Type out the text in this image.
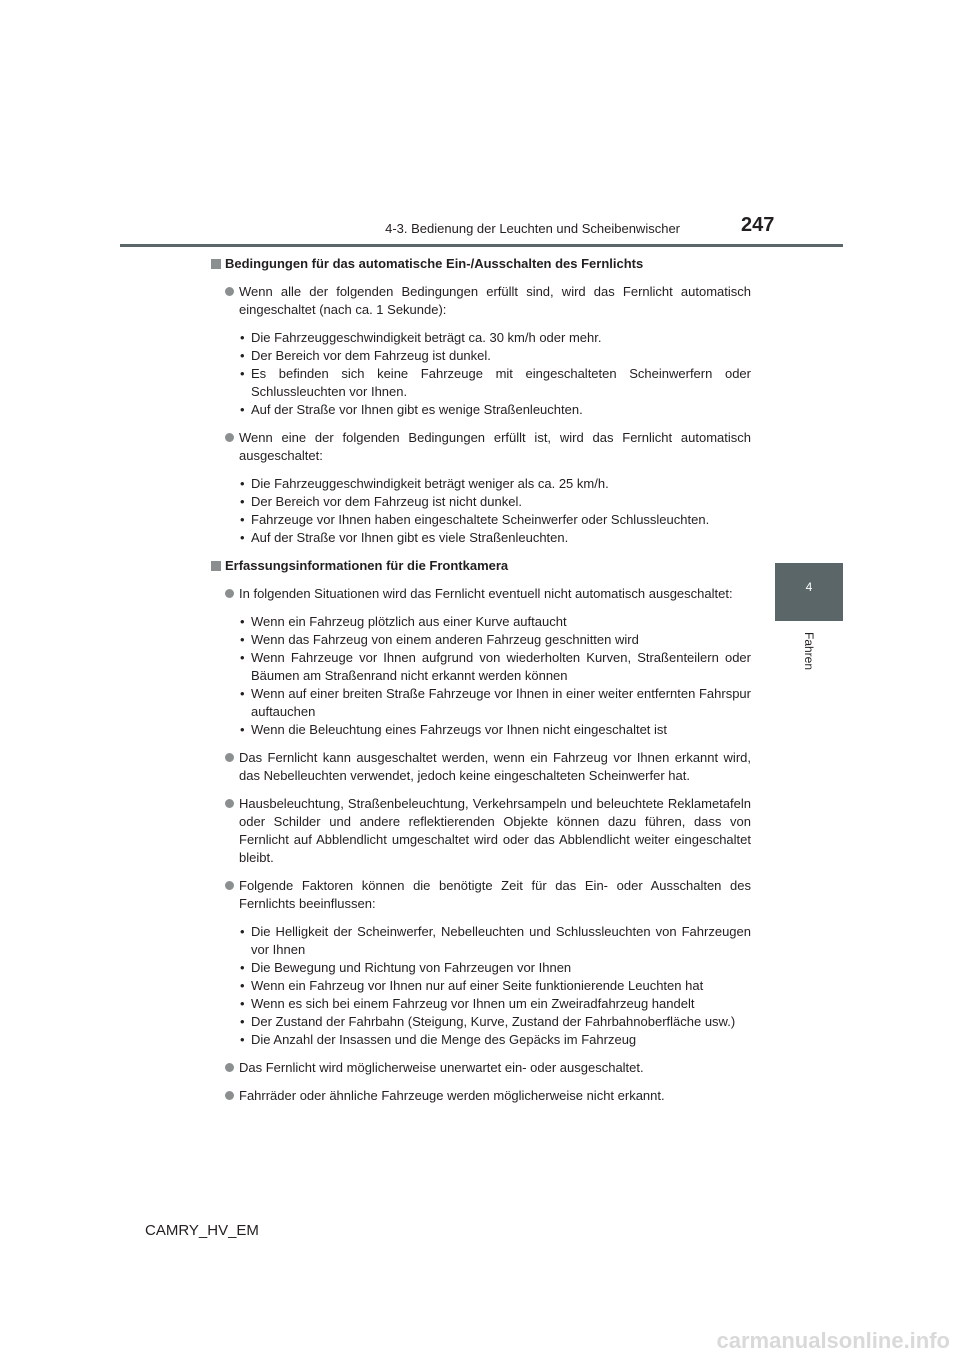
4-3. Bedienung der Leuchten und Scheibenwischer	247
4
Fahren
Bedingungen für das automatische Ein-/Ausschalten des Fernlichts
Wenn alle der folgenden Bedingungen erfüllt sind, wird das Fernlicht automatisch eingeschaltet (nach ca. 1 Sekunde):
• Die Fahrzeuggeschwindigkeit beträgt ca. 30 km/h oder mehr.
• Der Bereich vor dem Fahrzeug ist dunkel.
• Es befinden sich keine Fahrzeuge mit eingeschalteten Scheinwerfern oder Schlussleuchten vor Ihnen.
• Auf der Straße vor Ihnen gibt es wenige Straßenleuchten.
Wenn eine der folgenden Bedingungen erfüllt ist, wird das Fernlicht automatisch ausgeschaltet:
• Die Fahrzeuggeschwindigkeit beträgt weniger als ca. 25 km/h.
• Der Bereich vor dem Fahrzeug ist nicht dunkel.
• Fahrzeuge vor Ihnen haben eingeschaltete Scheinwerfer oder Schlussleuchten.
• Auf der Straße vor Ihnen gibt es viele Straßenleuchten.
Erfassungsinformationen für die Frontkamera
In folgenden Situationen wird das Fernlicht eventuell nicht automatisch ausgeschaltet:
• Wenn ein Fahrzeug plötzlich aus einer Kurve auftaucht
• Wenn das Fahrzeug von einem anderen Fahrzeug geschnitten wird
• Wenn Fahrzeuge vor Ihnen aufgrund von wiederholten Kurven, Straßenteilern oder Bäumen am Straßenrand nicht erkannt werden können
• Wenn auf einer breiten Straße Fahrzeuge vor Ihnen in einer weiter entfernten Fahrspur auftauchen
• Wenn die Beleuchtung eines Fahrzeugs vor Ihnen nicht eingeschaltet ist
Das Fernlicht kann ausgeschaltet werden, wenn ein Fahrzeug vor Ihnen erkannt wird, das Nebelleuchten verwendet, jedoch keine eingeschalteten Scheinwerfer hat.
Hausbeleuchtung, Straßenbeleuchtung, Verkehrsampeln und beleuchtete Reklametafeln oder Schilder und andere reflektierenden Objekte können dazu führen, dass von Fernlicht auf Abblendlicht umgeschaltet wird oder das Abblendlicht weiter eingeschaltet bleibt.
Folgende Faktoren können die benötigte Zeit für das Ein- oder Ausschalten des Fernlichts beeinflussen:
• Die Helligkeit der Scheinwerfer, Nebelleuchten und Schlussleuchten von Fahrzeugen vor Ihnen
• Die Bewegung und Richtung von Fahrzeugen vor Ihnen
• Wenn ein Fahrzeug vor Ihnen nur auf einer Seite funktionierende Leuchten hat
• Wenn es sich bei einem Fahrzeug vor Ihnen um ein Zweiradfahrzeug handelt
• Der Zustand der Fahrbahn (Steigung, Kurve, Zustand der Fahrbahnoberfläche usw.)
• Die Anzahl der Insassen und die Menge des Gepäcks im Fahrzeug
Das Fernlicht wird möglicherweise unerwartet ein- oder ausgeschaltet.
Fahrräder oder ähnliche Fahrzeuge werden möglicherweise nicht erkannt.
CAMRY_HV_EM
carmanualsonline.info
